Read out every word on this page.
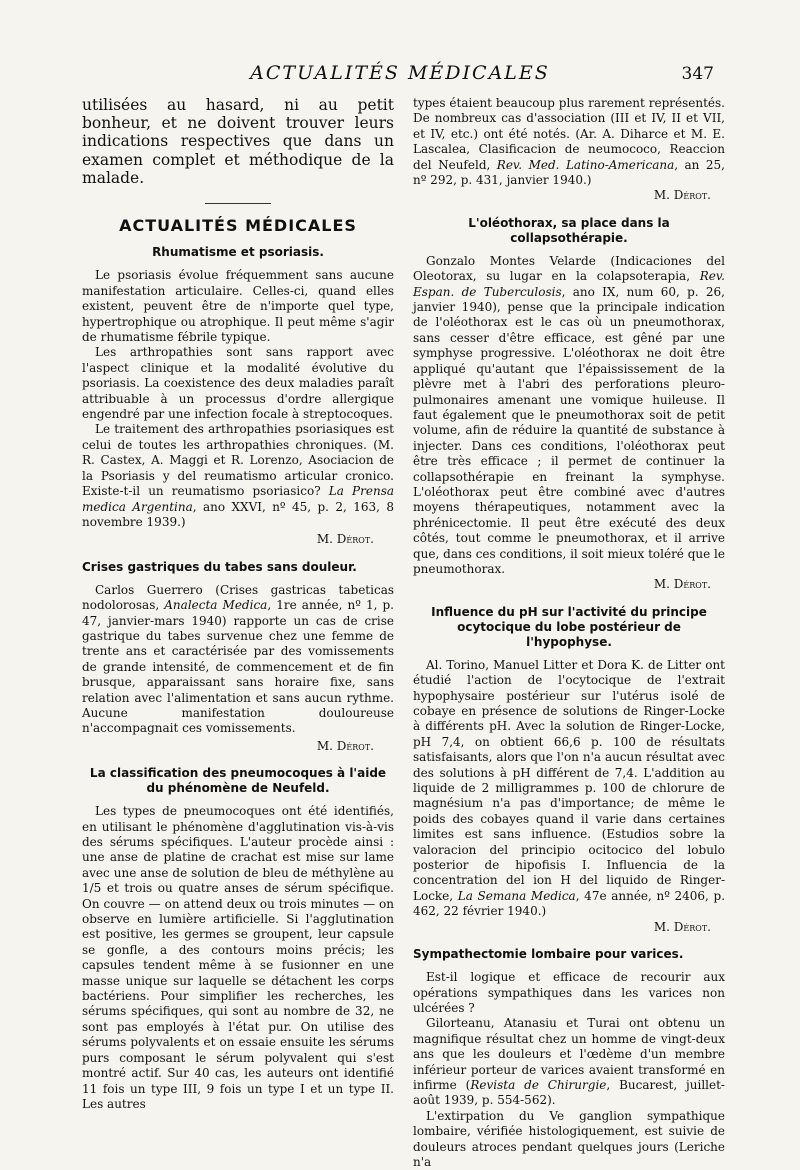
ACTUALITÉS MÉDICALES	347

utilisées au hasard, ni au petit bonheur, et ne doivent trouver leurs indications respectives que dans un examen complet et méthodique de la malade.

ACTUALITÉS MÉDICALES
Rhumatisme et psoriasis.

Le psoriasis évolue fréquemment sans aucune manifestation articulaire. Celles-ci, quand elles existent, peuvent être de n'importe quel type, hypertrophique ou atrophique. Il peut même s'agir de rhumatisme fébrile typique.

Les arthropathies sont sans rapport avec l'aspect clinique et la modalité évolutive du psoriasis. La coexistence des deux maladies paraît attribuable à un processus d'ordre allergique engendré par une infection focale à streptocoques.

Le traitement des arthropathies psoriasiques est celui de toutes les arthropathies chroniques. (M. R. Castex, A. Maggi et R. Lorenzo, Asociacion de la Psoriasis y del reumatismo articular cronico. Existe-t-il un reumatismo psoriasico? La Prensa medica Argentina, ano XXVI, nº 45, p. 2, 163, 8 novembre 1939.)

M. Dérot.
Crises gastriques du tabes sans douleur.

Carlos Guerrero (Crises gastricas tabeticas nodolorosas, Analecta Medica, 1re année, nº 1, p. 47, janvier-mars 1940) rapporte un cas de crise gastrique du tabes survenue chez une femme de trente ans et caractérisée par des vomissements de grande intensité, de commencement et de fin brusque, apparaissant sans horaire fixe, sans relation avec l'alimentation et sans aucun rythme. Aucune manifestation douloureuse n'accompagnait ces vomissements.

M. Dérot.
La classification des pneumocoques à l'aide du phénomène de Neufeld.

Les types de pneumocoques ont été identifiés, en utilisant le phénomène d'agglutination vis-à-vis des sérums spécifiques. L'auteur procède ainsi : une anse de platine de crachat est mise sur lame avec une anse de solution de bleu de méthylène au 1/5 et trois ou quatre anses de sérum spécifique. On couvre — on attend deux ou trois minutes — on observe en lumière artificielle. Si l'agglutination est positive, les germes se groupent, leur capsule se gonfle, a des contours moins précis; les capsules tendent même à se fusionner en une masse unique sur laquelle se détachent les corps bactériens. Pour simplifier les recherches, les sérums spécifiques, qui sont au nombre de 32, ne sont pas employés à l'état pur. On utilise des sérums polyvalents et on essaie ensuite les sérums purs composant le sérum polyvalent qui s'est montré actif. Sur 40 cas, les auteurs ont identifié 11 fois un type III, 9 fois un type I et un type II. Les autres

types étaient beaucoup plus rarement représentés. De nombreux cas d'association (III et IV, II et VII, et IV, etc.) ont été notés. (Ar. A. Diharce et M. E. Lascalea, Clasificacion de neumococo, Reaccion del Neufeld, Rev. Med. Latino-Americana, an 25, nº 292, p. 431, janvier 1940.)

M. Dérot.
L'oléothorax, sa place dans la collapsothérapie.

Gonzalo Montes Velarde (Indicaciones del Oleotorax, su lugar en la colapsoterapia, Rev. Espan. de Tuberculosis, ano IX, num 60, p. 26, janvier 1940), pense que la principale indication de l'oléothorax est le cas où un pneumothorax, sans cesser d'être efficace, est gêné par une symphyse progressive. L'oléothorax ne doit être appliqué qu'autant que l'épaississement de la plèvre met à l'abri des perforations pleuro-pulmonaires amenant une vomique huileuse. Il faut également que le pneumothorax soit de petit volume, afin de réduire la quantité de substance à injecter. Dans ces conditions, l'oléothorax peut être très efficace ; il permet de continuer la collapsothérapie en freinant la symphyse. L'oléothorax peut être combiné avec d'autres moyens thérapeutiques, notamment avec la phrénicectomie. Il peut être exécuté des deux côtés, tout comme le pneumothorax, et il arrive que, dans ces conditions, il soit mieux toléré que le pneumothorax.

M. Dérot.
Influence du pH sur l'activité du principe ocytocique du lobe postérieur de l'hypophyse.

Al. Torino, Manuel Litter et Dora K. de Litter ont étudié l'action de l'ocytocique de l'extrait hypophysaire postérieur sur l'utérus isolé de cobaye en présence de solutions de Ringer-Locke à différents pH. Avec la solution de Ringer-Locke, pH 7,4, on obtient 66,6 p. 100 de résultats satisfaisants, alors que l'on n'a aucun résultat avec des solutions à pH différent de 7,4. L'addition au liquide de 2 milligrammes p. 100 de chlorure de magnésium n'a pas d'importance; de même le poids des cobayes quand il varie dans certaines limites est sans influence. (Estudios sobre la valoracion del principio ocitocico del lobulo posterior de hipofisis I. Influencia de la concentration del ion H del liquido de Ringer-Locke, La Semana Medica, 47e année, nº 2406, p. 462, 22 février 1940.)

M. Dérot.
Sympathectomie lombaire pour varices.

Est-il logique et efficace de recourir aux opérations sympathiques dans les varices non ulcérées ?

Gilorteanu, Atanasiu et Turai ont obtenu un magnifique résultat chez un homme de vingt-deux ans que les douleurs et l'œdème d'un membre inférieur porteur de varices avaient transformé en infirme (Revista de Chirurgie, Bucarest, juillet-août 1939, p. 554-562).

L'extirpation du Ve ganglion sympathique lombaire, vérifiée histologiquement, est suivie de douleurs atroces pendant quelques jours (Leriche n'a
